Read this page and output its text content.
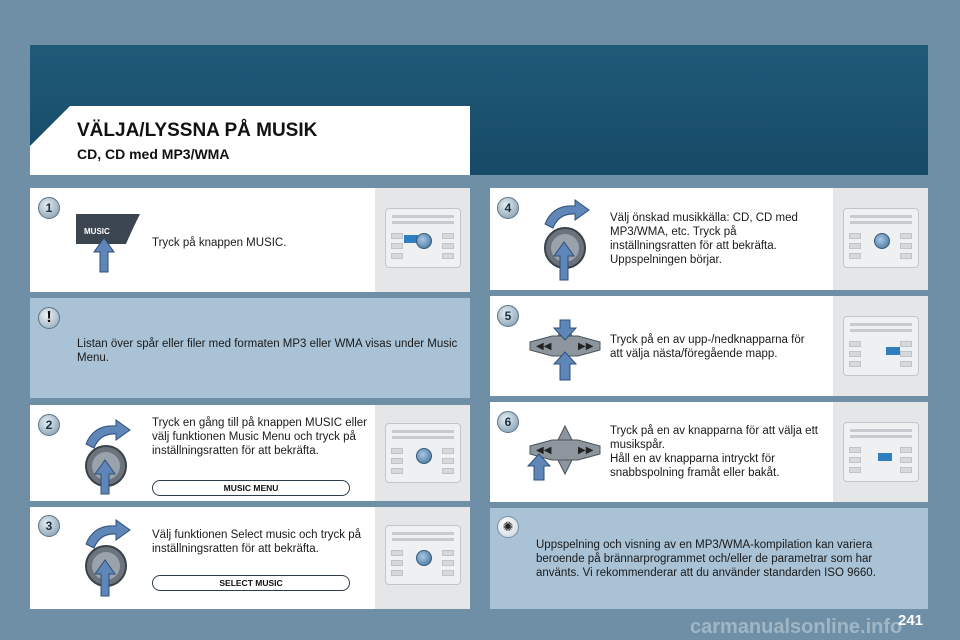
VÄLJA/LYSSNA PÅ MUSIK
CD, CD med MP3/WMA
1
MUSIC
Tryck på knappen MUSIC.
!
Listan över spår eller filer med formaten MP3 eller WMA visas under Music Menu.
2	Tryck en gång till på knappen MUSIC eller välj funktionen Music Menu och tryck på inställningsratten för att bekräfta.
MUSIC MENU
3
Välj funktionen Select music och tryck på inställningsratten för att bekräfta.
SELECT MUSIC
4
Välj önskad musikkälla: CD, CD med MP3/WMA, etc. Tryck på inställningsratten för att bekräfta. Uppspelningen börjar.
5
◀◀	▶▶
Tryck på en av upp-/nedknapparna för att välja nästa/föregående mapp.
6
◀◀	▶▶
Tryck på en av knapparna för att välja ett musikspår.
Håll en av knapparna intryckt för snabbspolning framåt eller bakåt.
✺
Uppspelning och visning av en MP3/WMA-kompilation kan variera beroende på brännarprogrammet och/eller de parametrar som har använts. Vi rekommenderar att du använder standarden ISO 9660.
carmanualsonline.info
241
